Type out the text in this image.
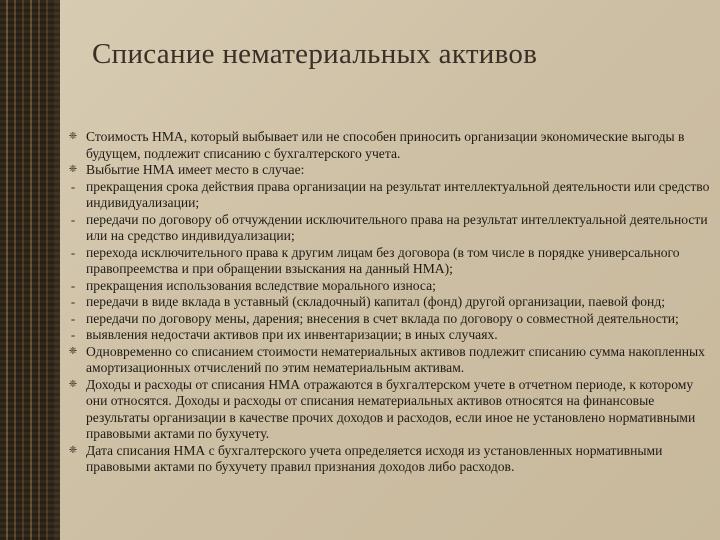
Списание нематериальных активов
❈ Стоимость НМА, который выбывает или не способен приносить организации экономические выгоды в будущем, подлежит списанию с бухгалтерского учета.
❈ Выбытие НМА имеет место в случае:
- прекращения срока действия права организации на результат интеллектуальной деятельности или средство индивидуализации;
- передачи по договору об отчуждении исключительного права на результат интеллектуальной деятельности или на средство индивидуализации;
- перехода исключительного права к другим лицам без договора (в том числе в порядке универсального правопреемства и при обращении взыскания на данный НМА);
- прекращения использования вследствие морального износа;
- передачи в виде вклада в уставный (складочный) капитал (фонд) другой организации, паевой фонд;
- передачи по договору мены, дарения; внесения в счет вклада по договору о совместной деятельности;
- выявления недостачи активов при их инвентаризации; в иных случаях.
❈ Одновременно со списанием стоимости нематериальных активов подлежит списанию сумма накопленных амортизационных отчислений по этим нематериальным активам.
❈ Доходы и расходы от списания НМА отражаются в бухгалтерском учете в отчетном периоде, к которому они относятся. Доходы и расходы от списания нематериальных активов относятся на финансовые результаты организации в качестве прочих доходов и расходов, если иное не установлено нормативными правовыми актами по бухучету.
❈ Дата списания НМА с бухгалтерского учета определяется исходя из установленных нормативными правовыми актами по бухучету правил признания доходов либо расходов.
